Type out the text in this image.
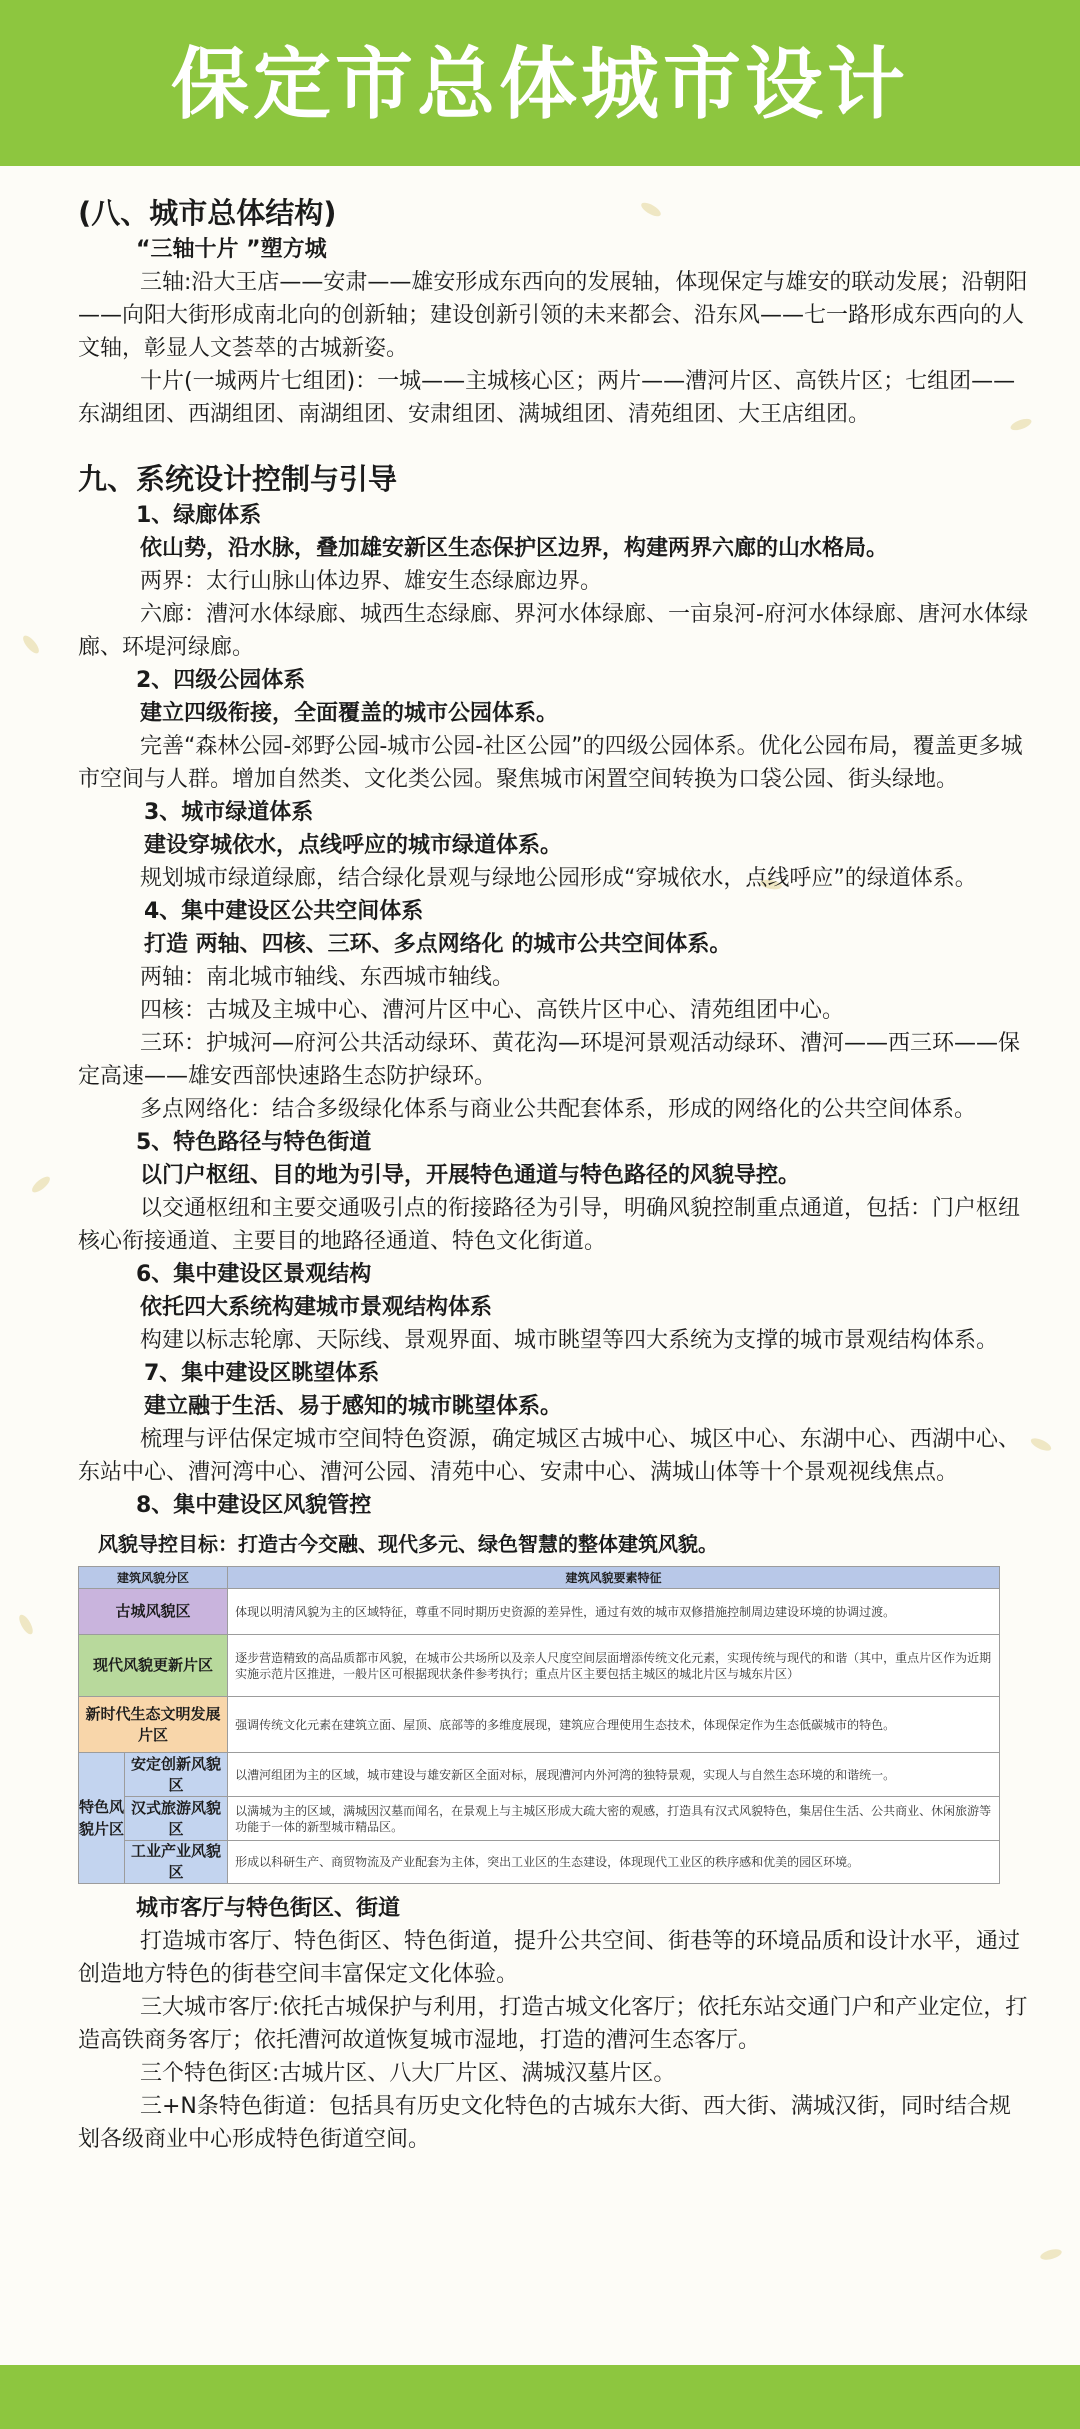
保定市总体城市设计
(八、城市总体结构)
“三轴十片 ”塑方城
三轴:沿大王店——安肃——雄安形成东西向的发展轴，体现保定与雄安的联动发展；沿朝阳——向阳大街形成南北向的创新轴；建设创新引领的未来都会、沿东风——七一路形成东西向的人文轴，彰显人文荟萃的古城新姿。
十片(一城两片七组团)：一城——主城核心区；两片——漕河片区、高铁片区；七组团——东湖组团、西湖组团、南湖组团、安肃组团、满城组团、清苑组团、大王店组团。
九、系统设计控制与引导
1、绿廊体系
依山势，沿水脉，叠加雄安新区生态保护区边界，构建两界六廊的山水格局。
两界：太行山脉山体边界、雄安生态绿廊边界。
六廊：漕河水体绿廊、城西生态绿廊、界河水体绿廊、一亩泉河-府河水体绿廊、唐河水体绿廊、环堤河绿廊。
2、四级公园体系
建立四级衔接，全面覆盖的城市公园体系。
完善“森林公园-郊野公园-城市公园-社区公园”的四级公园体系。优化公园布局，覆盖更多城市空间与人群。增加自然类、文化类公园。聚焦城市闲置空间转换为口袋公园、街头绿地。
3、城市绿道体系
建设穿城依水，点线呼应的城市绿道体系。
规划城市绿道绿廊，结合绿化景观与绿地公园形成“穿城依水，点线呼应”的绿道体系。
4、集中建设区公共空间体系
打造 两轴、四核、三环、多点网络化 的城市公共空间体系。
两轴：南北城市轴线、东西城市轴线。
四核：古城及主城中心、漕河片区中心、高铁片区中心、清苑组团中心。
三环：护城河—府河公共活动绿环、黄花沟—环堤河景观活动绿环、漕河——西三环——保定高速——雄安西部快速路生态防护绿环。
多点网络化：结合多级绿化体系与商业公共配套体系，形成的网络化的公共空间体系。
5、特色路径与特色街道
以门户枢纽、目的地为引导，开展特色通道与特色路径的风貌导控。
以交通枢纽和主要交通吸引点的衔接路径为引导，明确风貌控制重点通道，包括：门户枢纽核心衔接通道、主要目的地路径通道、特色文化街道。
6、集中建设区景观结构
依托四大系统构建城市景观结构体系
构建以标志轮廓、天际线、景观界面、城市眺望等四大系统为支撑的城市景观结构体系。
7、集中建设区眺望体系
建立融于生活、易于感知的城市眺望体系。
梳理与评估保定城市空间特色资源，确定城区古城中心、城区中心、东湖中心、西湖中心、东站中心、漕河湾中心、漕河公园、清苑中心、安肃中心、满城山体等十个景观视线焦点。
8、集中建设区风貌管控
风貌导控目标：打造古今交融、现代多元、绿色智慧的整体建筑风貌。
建筑风貌分区		建筑风貌要素特征
古城风貌区		体现以明清风貌为主的区域特征，尊重不同时期历史资源的差异性，通过有效的城市双修措施控制周边建设环境的协调过渡。
现代风貌更新片区		逐步营造精致的高品质都市风貌，在城市公共场所以及亲人尺度空间层面增添传统文化元素，实现传统与现代的和谐（其中，重点片区作为近期实施示范片区推进，一般片区可根据现状条件参考执行；重点片区主要包括主城区的城北片区与城东片区）
新时代生态文明发展片区		强调传统文化元素在建筑立面、屋顶、底部等的多维度展现，建筑应合理使用生态技术，体现保定作为生态低碳城市的特色。
特色风貌片区	安定创新风貌区	以漕河组团为主的区域，城市建设与雄安新区全面对标，展现漕河内外河湾的独特景观，实现人与自然生态环境的和谐统一。
	汉式旅游风貌区	以满城为主的区域，满城因汉墓而闻名，在景观上与主城区形成大疏大密的观感，打造具有汉式风貌特色，集居住生活、公共商业、休闲旅游等功能于一体的新型城市精品区。
	工业产业风貌区	形成以科研生产、商贸物流及产业配套为主体，突出工业区的生态建设，体现现代工业区的秩序感和优美的园区环境。
城市客厅与特色街区、街道
打造城市客厅、特色街区、特色街道，提升公共空间、街巷等的环境品质和设计水平，通过创造地方特色的街巷空间丰富保定文化体验。
三大城市客厅:依托古城保护与利用，打造古城文化客厅；依托东站交通门户和产业定位，打造高铁商务客厅；依托漕河故道恢复城市湿地，打造的漕河生态客厅。
三个特色街区:古城片区、八大厂片区、满城汉墓片区。
三+N条特色街道：包括具有历史文化特色的古城东大街、西大街、满城汉街，同时结合规划各级商业中心形成特色街道空间。
